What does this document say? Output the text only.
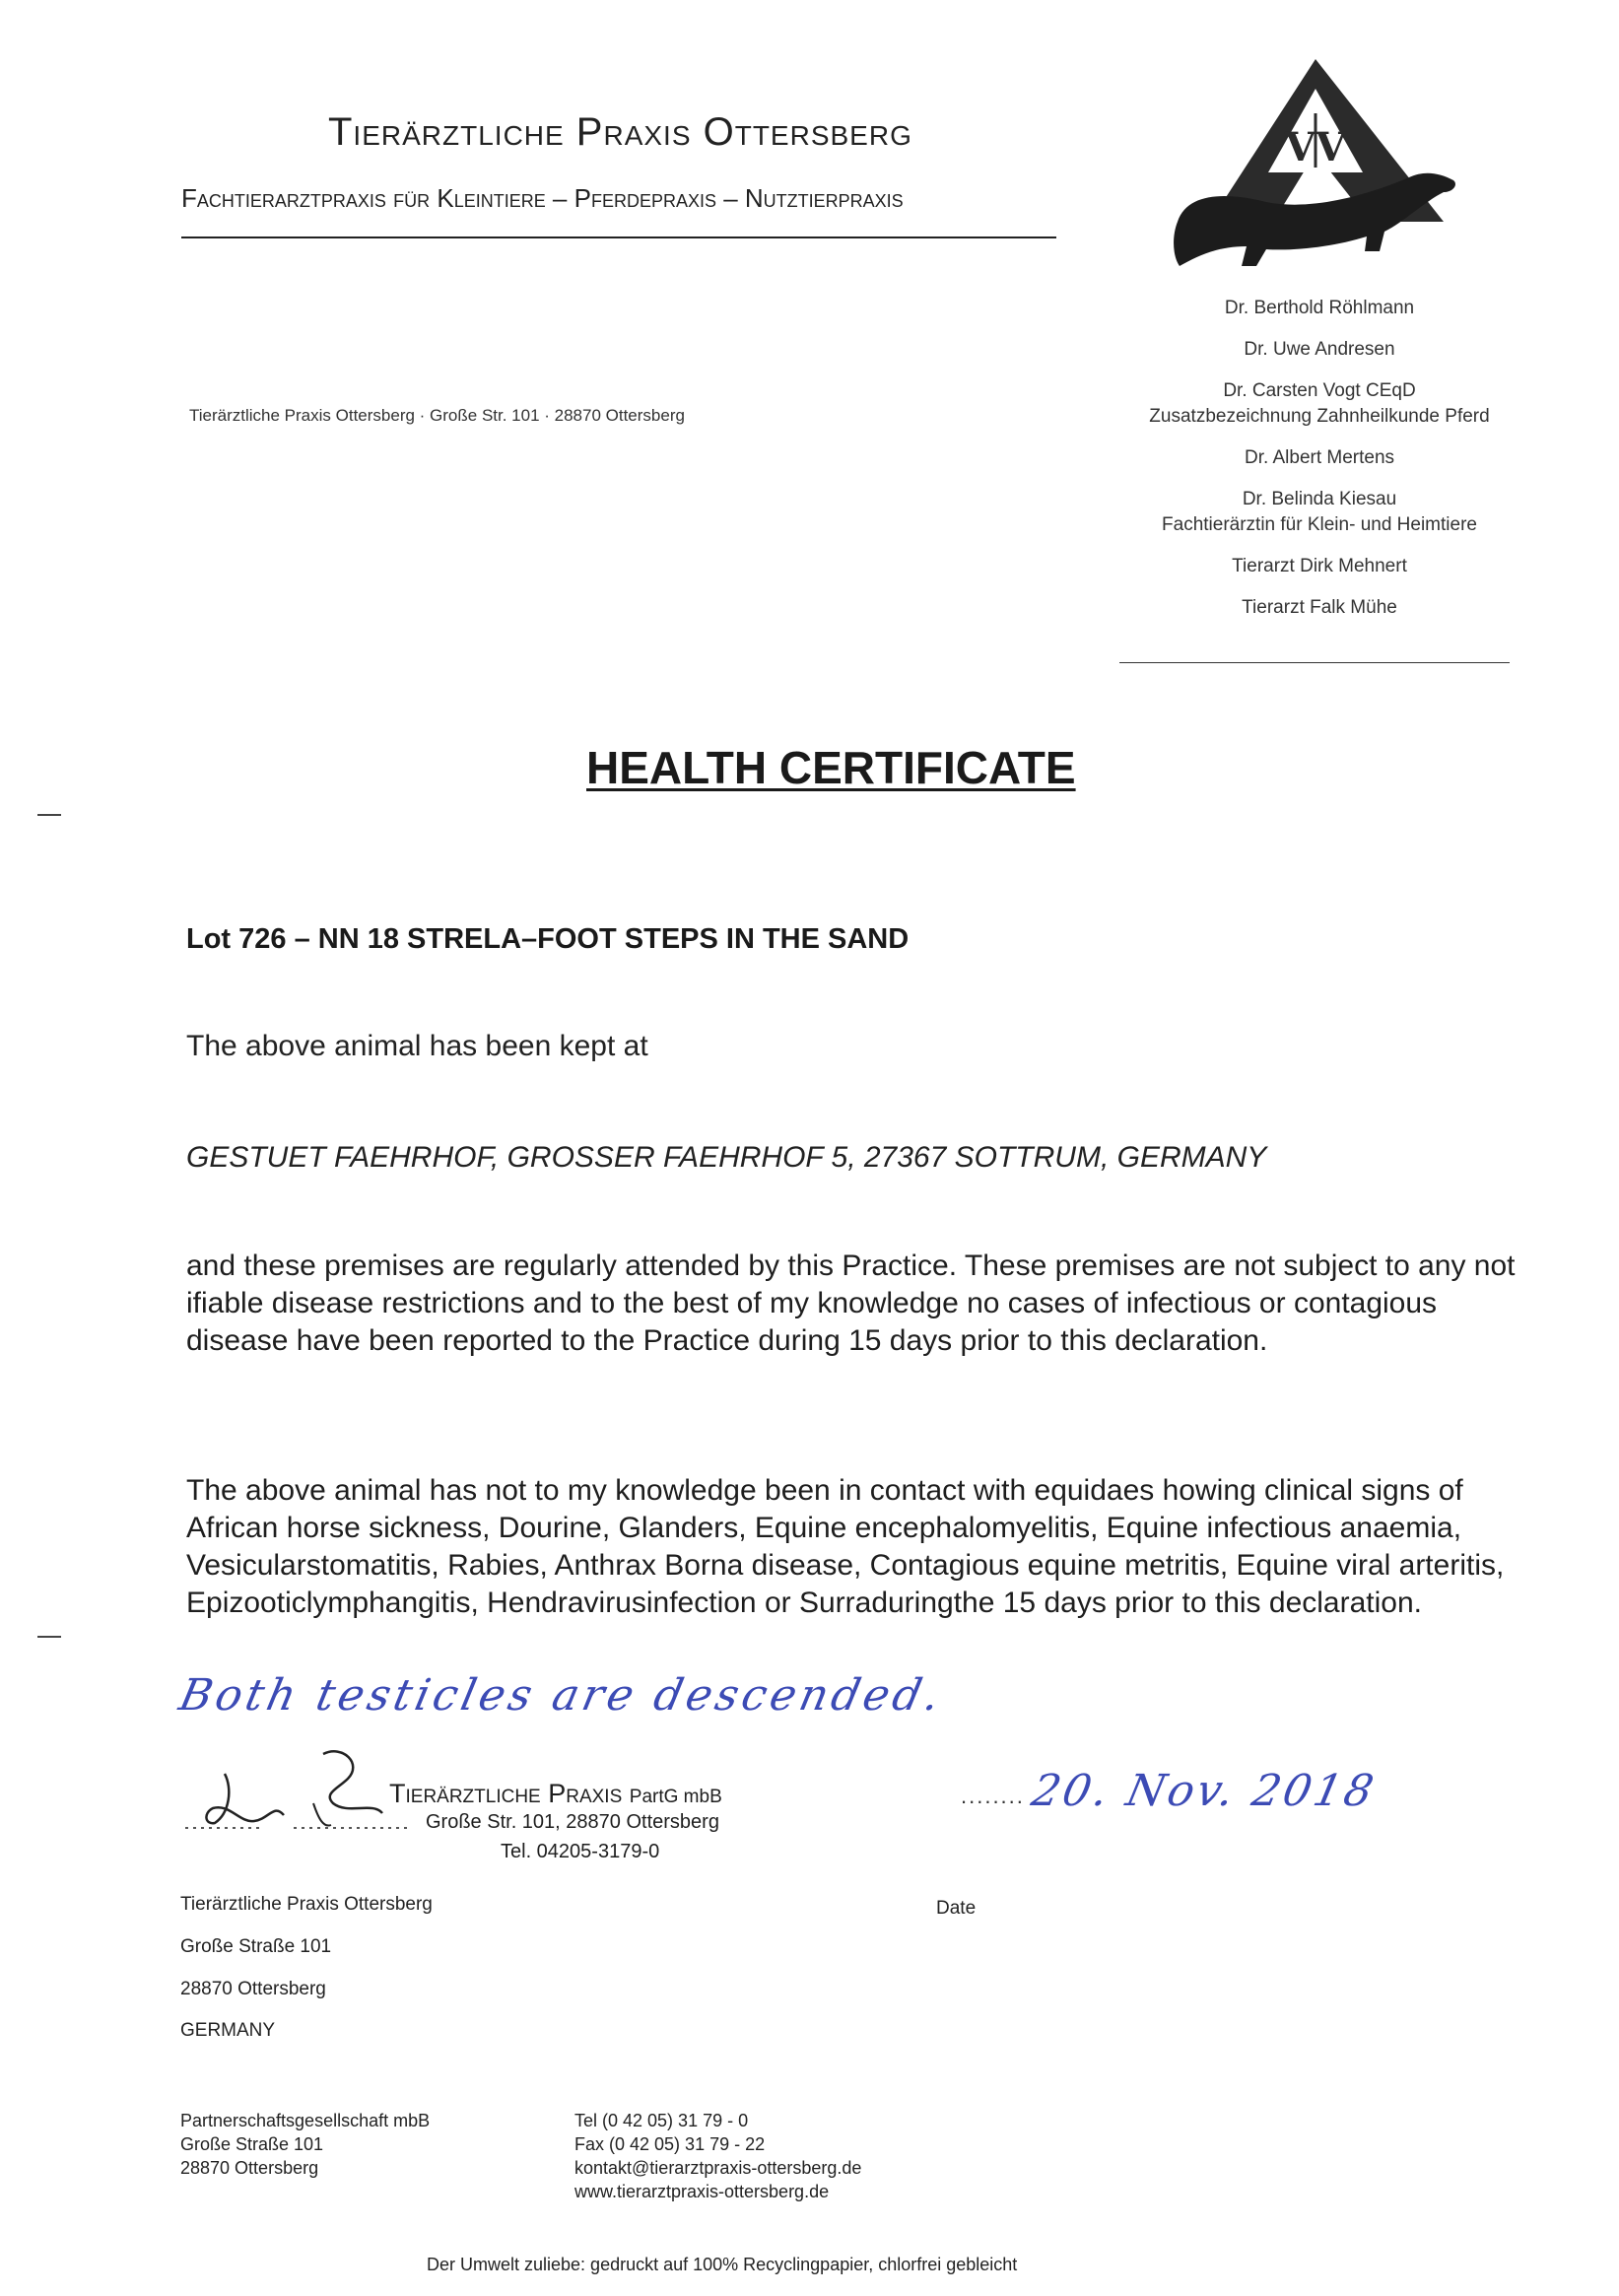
Tierärztliche Praxis Ottersberg
Fachtierarztpraxis für Kleintiere – Pferdepraxis – Nutztierpraxis
VV
Tierärztliche Praxis Ottersberg · Große Str. 101 · 28870 Ottersberg
Dr. Berthold Röhlmann
Dr. Uwe Andresen
Dr. Carsten Vogt CEqD
Zusatzbezeichnung Zahnheilkunde Pferd
Dr. Albert Mertens
Dr. Belinda Kiesau
Fachtierärztin für Klein- und Heimtiere
Tierarzt Dirk Mehnert
Tierarzt Falk Mühe
HEALTH CERTIFICATE
Lot 726 – NN 18 STRELA–FOOT STEPS IN THE SAND
The above animal has been kept at
GESTUET FAEHRHOF, GROSSER FAEHRHOF 5, 27367 SOTTRUM, GERMANY
and these premises are regularly attended by this Practice. These premises are not subject to any not ifiable disease restrictions and to the best of my knowledge no cases of infectious or contagious disease have been reported to the Practice during 15 days prior to this declaration.
The above animal has not to my knowledge been in contact with equidaes howing clinical signs of African horse sickness, Dourine, Glanders, Equine encephalomyelitis, Equine infectious anaemia, Vesicularstomatitis, Rabies, Anthrax Borna disease, Contagious equine metritis, Equine viral arteritis, Epizooticlymphangitis, Hendravirusinfection or Surraduringthe 15 days prior to this declaration.
Both testicles are descended.
Tierärztliche Praxis PartG mbB
Große Str. 101, 28870 Ottersberg
Tel. 04205-3179-0
........ 20. Nov. 2018
Date
Tierärztliche Praxis Ottersberg
Große Straße 101
28870 Ottersberg
GERMANY
Partnerschaftsgesellschaft mbB
Große Straße 101
28870 Ottersberg
Tel (0 42 05) 31 79 - 0
Fax (0 42 05) 31 79 - 22
kontakt@tierarztpraxis-ottersberg.de
www.tierarztpraxis-ottersberg.de
Der Umwelt zuliebe: gedruckt auf 100% Recyclingpapier, chlorfrei gebleicht
